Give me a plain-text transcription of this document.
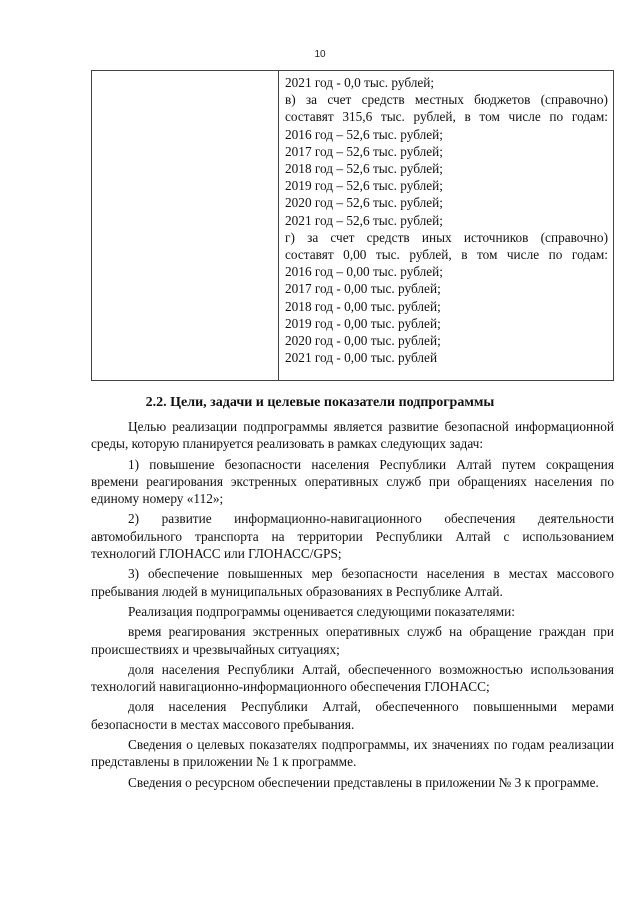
10

2021 год - 0,0 тыс. рублей;
в) за счет средств местных бюджетов (справочно)
составят 315,6 тыс. рублей, в том числе по годам:
2016 год – 52,6 тыс. рублей;
2017 год – 52,6 тыс. рублей;
2018 год – 52,6 тыс. рублей;
2019 год – 52,6 тыс. рублей;
2020 год – 52,6 тыс. рублей;
2021 год – 52,6 тыс. рублей;
г) за счет средств иных источников (справочно)
составят 0,00 тыс. рублей, в том числе по годам:
2016 год – 0,00 тыс. рублей;
2017 год - 0,00 тыс. рублей;
2018 год - 0,00 тыс. рублей;
2019 год - 0,00 тыс. рублей;
2020 год - 0,00 тыс. рублей;
2021 год - 0,00 тыс. рублей
2.2. Цели, задачи и целевые показатели подпрограммы

Целью реализации подпрограммы является развитие безопасной информационной среды, которую планируется реализовать в рамках следующих задач:

1) повышение безопасности населения Республики Алтай путем сокращения времени реагирования экстренных оперативных служб при обращениях населения по единому номеру «112»;

2) развитие информационно-навигационного обеспечения деятельности автомобильного транспорта на территории Республики Алтай с использованием технологий ГЛОНАСС или ГЛОНАСС/GPS;

3) обеспечение повышенных мер безопасности населения в местах массового пребывания людей в муниципальных образованиях в Республике Алтай.

Реализация подпрограммы оценивается следующими показателями:

время реагирования экстренных оперативных служб на обращение граждан при происшествиях и чрезвычайных ситуациях;

доля населения Республики Алтай, обеспеченного возможностью использования технологий навигационно-информационного обеспечения ГЛОНАСС;

доля населения Республики Алтай, обеспеченного повышенными мерами безопасности в местах массового пребывания.

Сведения о целевых показателях подпрограммы, их значениях по годам реализации представлены в приложении № 1 к программе.

Сведения о ресурсном обеспечении представлены в приложении № 3 к программе.
